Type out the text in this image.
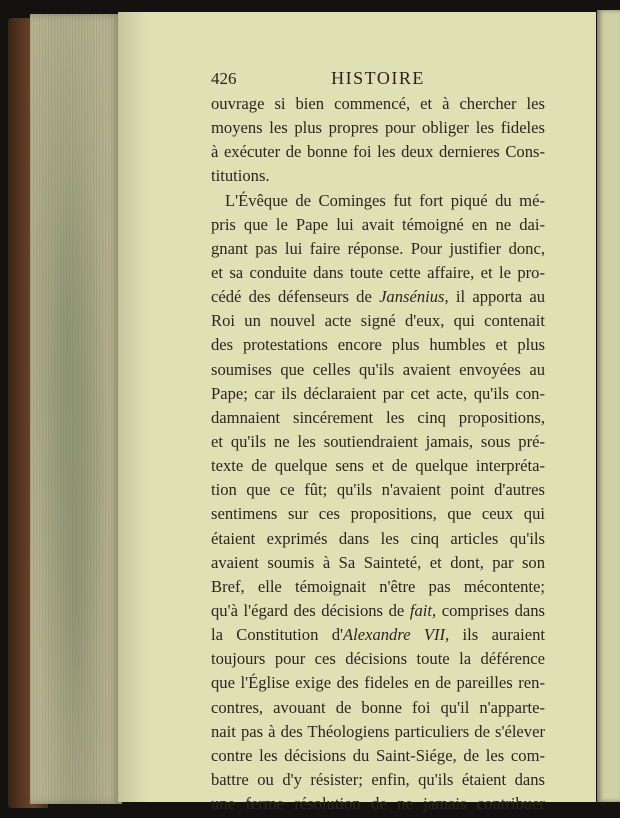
426	HISTOIRE
ouvrage si bien commencé, et à chercher les
moyens les plus propres pour obliger les fideles
à exécuter de bonne foi les deux dernieres Cons-
titutions.
L'Évêque de Cominges fut fort piqué du mé-
pris que le Pape lui avait témoigné en ne dai-
gnant pas lui faire réponse. Pour justifier donc,
et sa conduite dans toute cette affaire, et le pro-
cédé des défenseurs de Jansénius, il apporta au
Roi un nouvel acte signé d'eux, qui contenait
des protestations encore plus humbles et plus
soumises que celles qu'ils avaient envoyées au
Pape; car ils déclaraient par cet acte, qu'ils con-
damnaient sincérement les cinq propositions,
et qu'ils ne les soutiendraient jamais, sous pré-
texte de quelque sens et de quelque interpréta-
tion que ce fût; qu'ils n'avaient point d'autres
sentimens sur ces propositions, que ceux qui
étaient exprimés dans les cinq articles qu'ils
avaient soumis à Sa Sainteté, et dont, par son
Bref, elle témoignait n'être pas mécontente;
qu'à l'égard des décisions de fait, comprises dans
la Constitution d'Alexandre VII, ils auraient
toujours pour ces décisions toute la déférence
que l'Église exige des fideles en de pareilles ren-
contres, avouant de bonne foi qu'il n'apparte-
nait pas à des Théologiens particuliers de s'élever
contre les décisions du Saint-Siége, de les com-
battre ou d'y résister; enfin, qu'ils étaient dans
une ferme résolution de ne jamais contribuer
